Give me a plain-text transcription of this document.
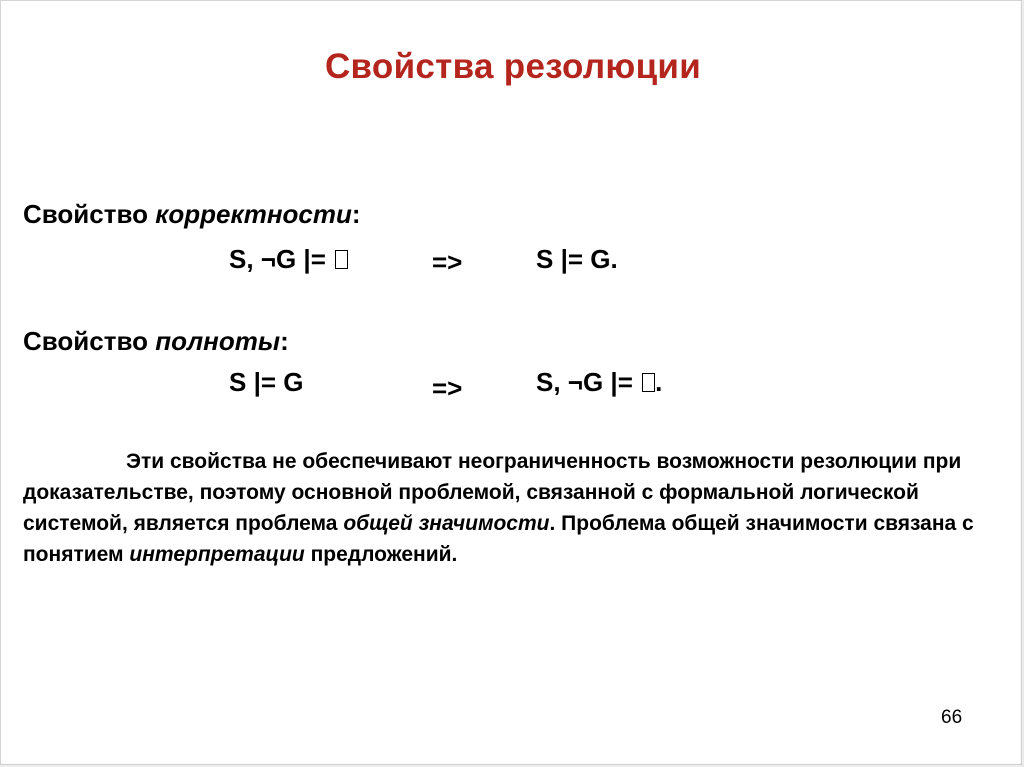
Свойства резолюции
Свойство корректности:
S, ¬G |=	=>	S |= G.
Свойство полноты:
S |= G	=>	S, ¬G |= .
Эти свойства не обеспечивают неограниченность возможности резолюции при доказательстве, поэтому основной проблемой, связанной с формальной логической системой, является проблема общей значимости. Проблема общей значимости связана с понятием интерпретации предложений.
66
